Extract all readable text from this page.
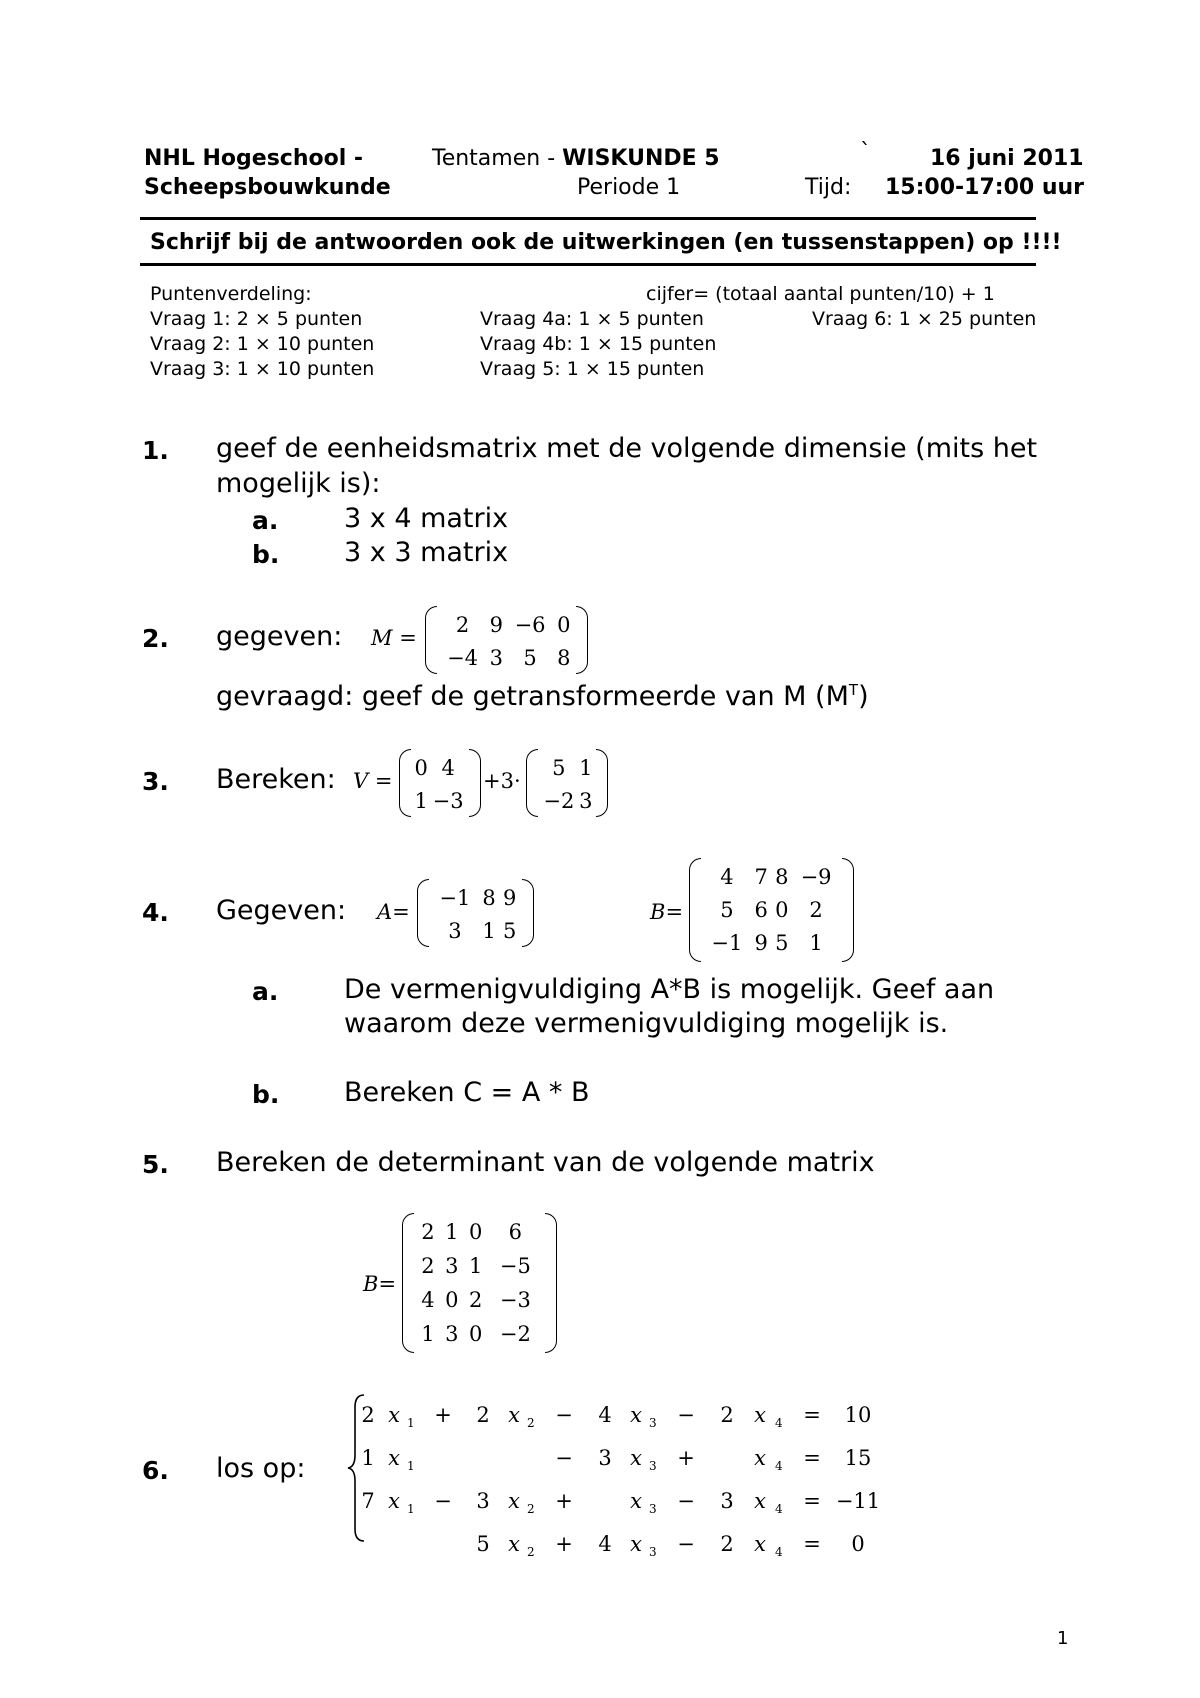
NHL Hogeschool -
Scheepsbouwkunde
Tentamen - WISKUNDE 5
Periode 1
`	16 juni 2011
Tijd: 15:00-17:00 uur
Schrijf bij de antwoorden ook de uitwerkingen (en tussenstappen) op !!!!
Puntenverdeling:	cijfer= (totaal aantal punten/10) + 1
Vraag 1: 2 × 5 punten
Vraag 2: 1 × 10 punten
Vraag 3: 1 × 10 punten
Vraag 4a: 1 × 5 punten
Vraag 4b: 1 × 15 punten
Vraag 5: 1 × 15 punten
Vraag 6: 1 × 25 punten
1. geef de eenheidsmatrix met de volgende dimensie (mits het
mogelijk is):
a. 3 x 4 matrix
b. 3 x 3 matrix
2. gegeven: M =
2	9	−6	0
−4	3	5	8
gevraagd: geef de getransformeerde van M $(M^T)$
3. Bereken: V =
0	4
1	−3
+3·
5	1
−2	3
4. Gegeven: A=
−1	8	9
3	1	5
B=
4	7	8	−9
5	6	0	2
−1	9	5	1
a. De vermenigvuldiging A*B is mogelijk. Geef aan
waarom deze vermenigvuldiging mogelijk is.
b. Bereken C = A * B
5. Bereken de determinant van de volgende matrix
B=
2	1	0	6
2	3	1	−5
4	0	2	−3
1	3	0	−2
6. los op:
2	x	1	+	2	x	2	−	4	x	3	−	2	x	4	=	10
1	x	1					−	3	x	3	+		x	4	=	15
7	x	1	−	3	x	2	+		x	3	−	3	x	4	=	−11
				5	x	2	+	4	x	3	−	2	x	4	=	0
1
